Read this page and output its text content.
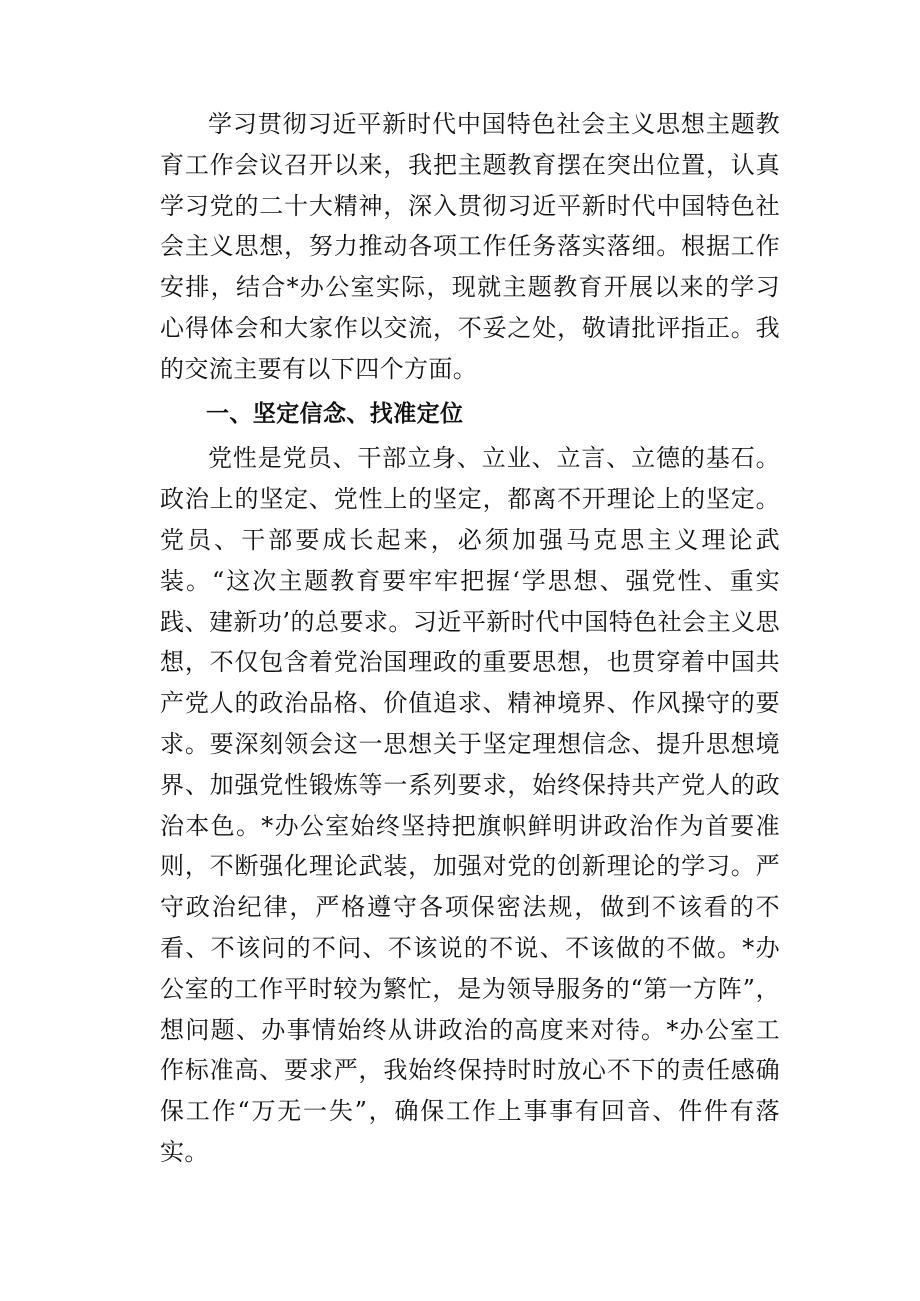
学习贯彻习近平新时代中国特色社会主义思想主题教育工作会议召开以来，我把主题教育摆在突出位置，认真学习党的二十大精神，深入贯彻习近平新时代中国特色社会主义思想，努力推动各项工作任务落实落细。根据工作安排，结合*办公室实际，现就主题教育开展以来的学习心得体会和大家作以交流，不妥之处，敬请批评指正。我的交流主要有以下四个方面。

一、坚定信念、找准定位

党性是党员、干部立身、立业、立言、立德的基石。政治上的坚定、党性上的坚定，都离不开理论上的坚定。党员、干部要成长起来，必须加强马克思主义理论武装。“这次主题教育要牢牢把握‘学思想、强党性、重实践、建新功’的总要求。习近平新时代中国特色社会主义思想，不仅包含着党治国理政的重要思想，也贯穿着中国共产党人的政治品格、价值追求、精神境界、作风操守的要求。要深刻领会这一思想关于坚定理想信念、提升思想境界、加强党性锻炼等一系列要求，始终保持共产党人的政治本色。*办公室始终坚持把旗帜鲜明讲政治作为首要准则，不断强化理论武装，加强对党的创新理论的学习。严守政治纪律，严格遵守各项保密法规，做到不该看的不看、不该问的不问、不该说的不说、不该做的不做。*办公室的工作平时较为繁忙，是为领导服务的“第一方阵”，想问题、办事情始终从讲政治的高度来对待。*办公室工作标准高、要求严，我始终保持时时放心不下的责任感确保工作“万无一失”，确保工作上事事有回音、件件有落实。
